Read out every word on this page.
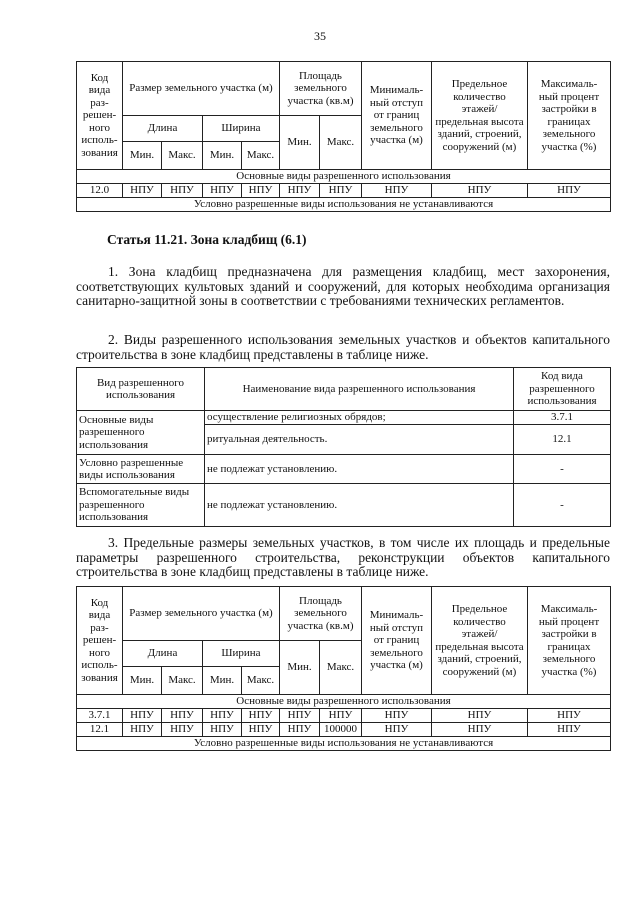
35
Код вида раз- решен- ного исполь- зования	Размер земельного участка (м)				Площадь земельного участка (кв.м)		Минималь- ный отступ от границ земельного участка (м)	Предельное количество этажей/ предельная высота зданий, строений, сооружений (м)	Максималь- ный процент застройки в границах земельного участка (%)
	Длина		Ширина		Мин.	Макс.			
	Мин.	Макс.	Мин.	Макс.					
Основные виды разрешенного использования									
12.0	НПУ	НПУ	НПУ	НПУ	НПУ	НПУ	НПУ	НПУ	НПУ
Условно разрешенные виды использования не устанавливаются									
Статья 11.21. Зона кладбищ (6.1)

1. Зона кладбищ предназначена для размещения кладбищ, мест захоронения, соответствующих культовых зданий и сооружений, для которых необходима организация санитарно-защитной зоны в соответствии с требованиями технических регламентов.

2. Виды разрешенного использования земельных участков и объектов капитального строительства в зоне кладбищ представлены в таблице ниже.

Вид разрешенного использования	Наименование вида разрешенного использования	Код вида разрешенного использования
Основные виды разрешенного использования	осуществление религиозных обрядов;	3.7.1
	ритуальная деятельность.	12.1
Условно разрешенные виды использования	не подлежат установлению.	-
Вспомогательные виды разрешенного использования	не подлежат установлению.	-

3. Предельные размеры земельных участков, в том числе их площадь и предельные параметры разрешенного строительства, реконструкции объектов капитального строительства в зоне кладбищ представлены в таблице ниже.

Код вида раз- решен- ного исполь- зования	Размер земельного участка (м)				Площадь земельного участка (кв.м)		Минималь- ный отступ от границ земельного участка (м)	Предельное количество этажей/ предельная высота зданий, строений, сооружений (м)	Максималь- ный процент застройки в границах земельного участка (%)
	Длина		Ширина		Мин.	Макс.			
	Мин.	Макс.	Мин.	Макс.					
Основные виды разрешенного использования									
3.7.1	НПУ	НПУ	НПУ	НПУ	НПУ	НПУ	НПУ	НПУ	НПУ
12.1	НПУ	НПУ	НПУ	НПУ	НПУ	100000	НПУ	НПУ	НПУ
Условно разрешенные виды использования не устанавливаются									
